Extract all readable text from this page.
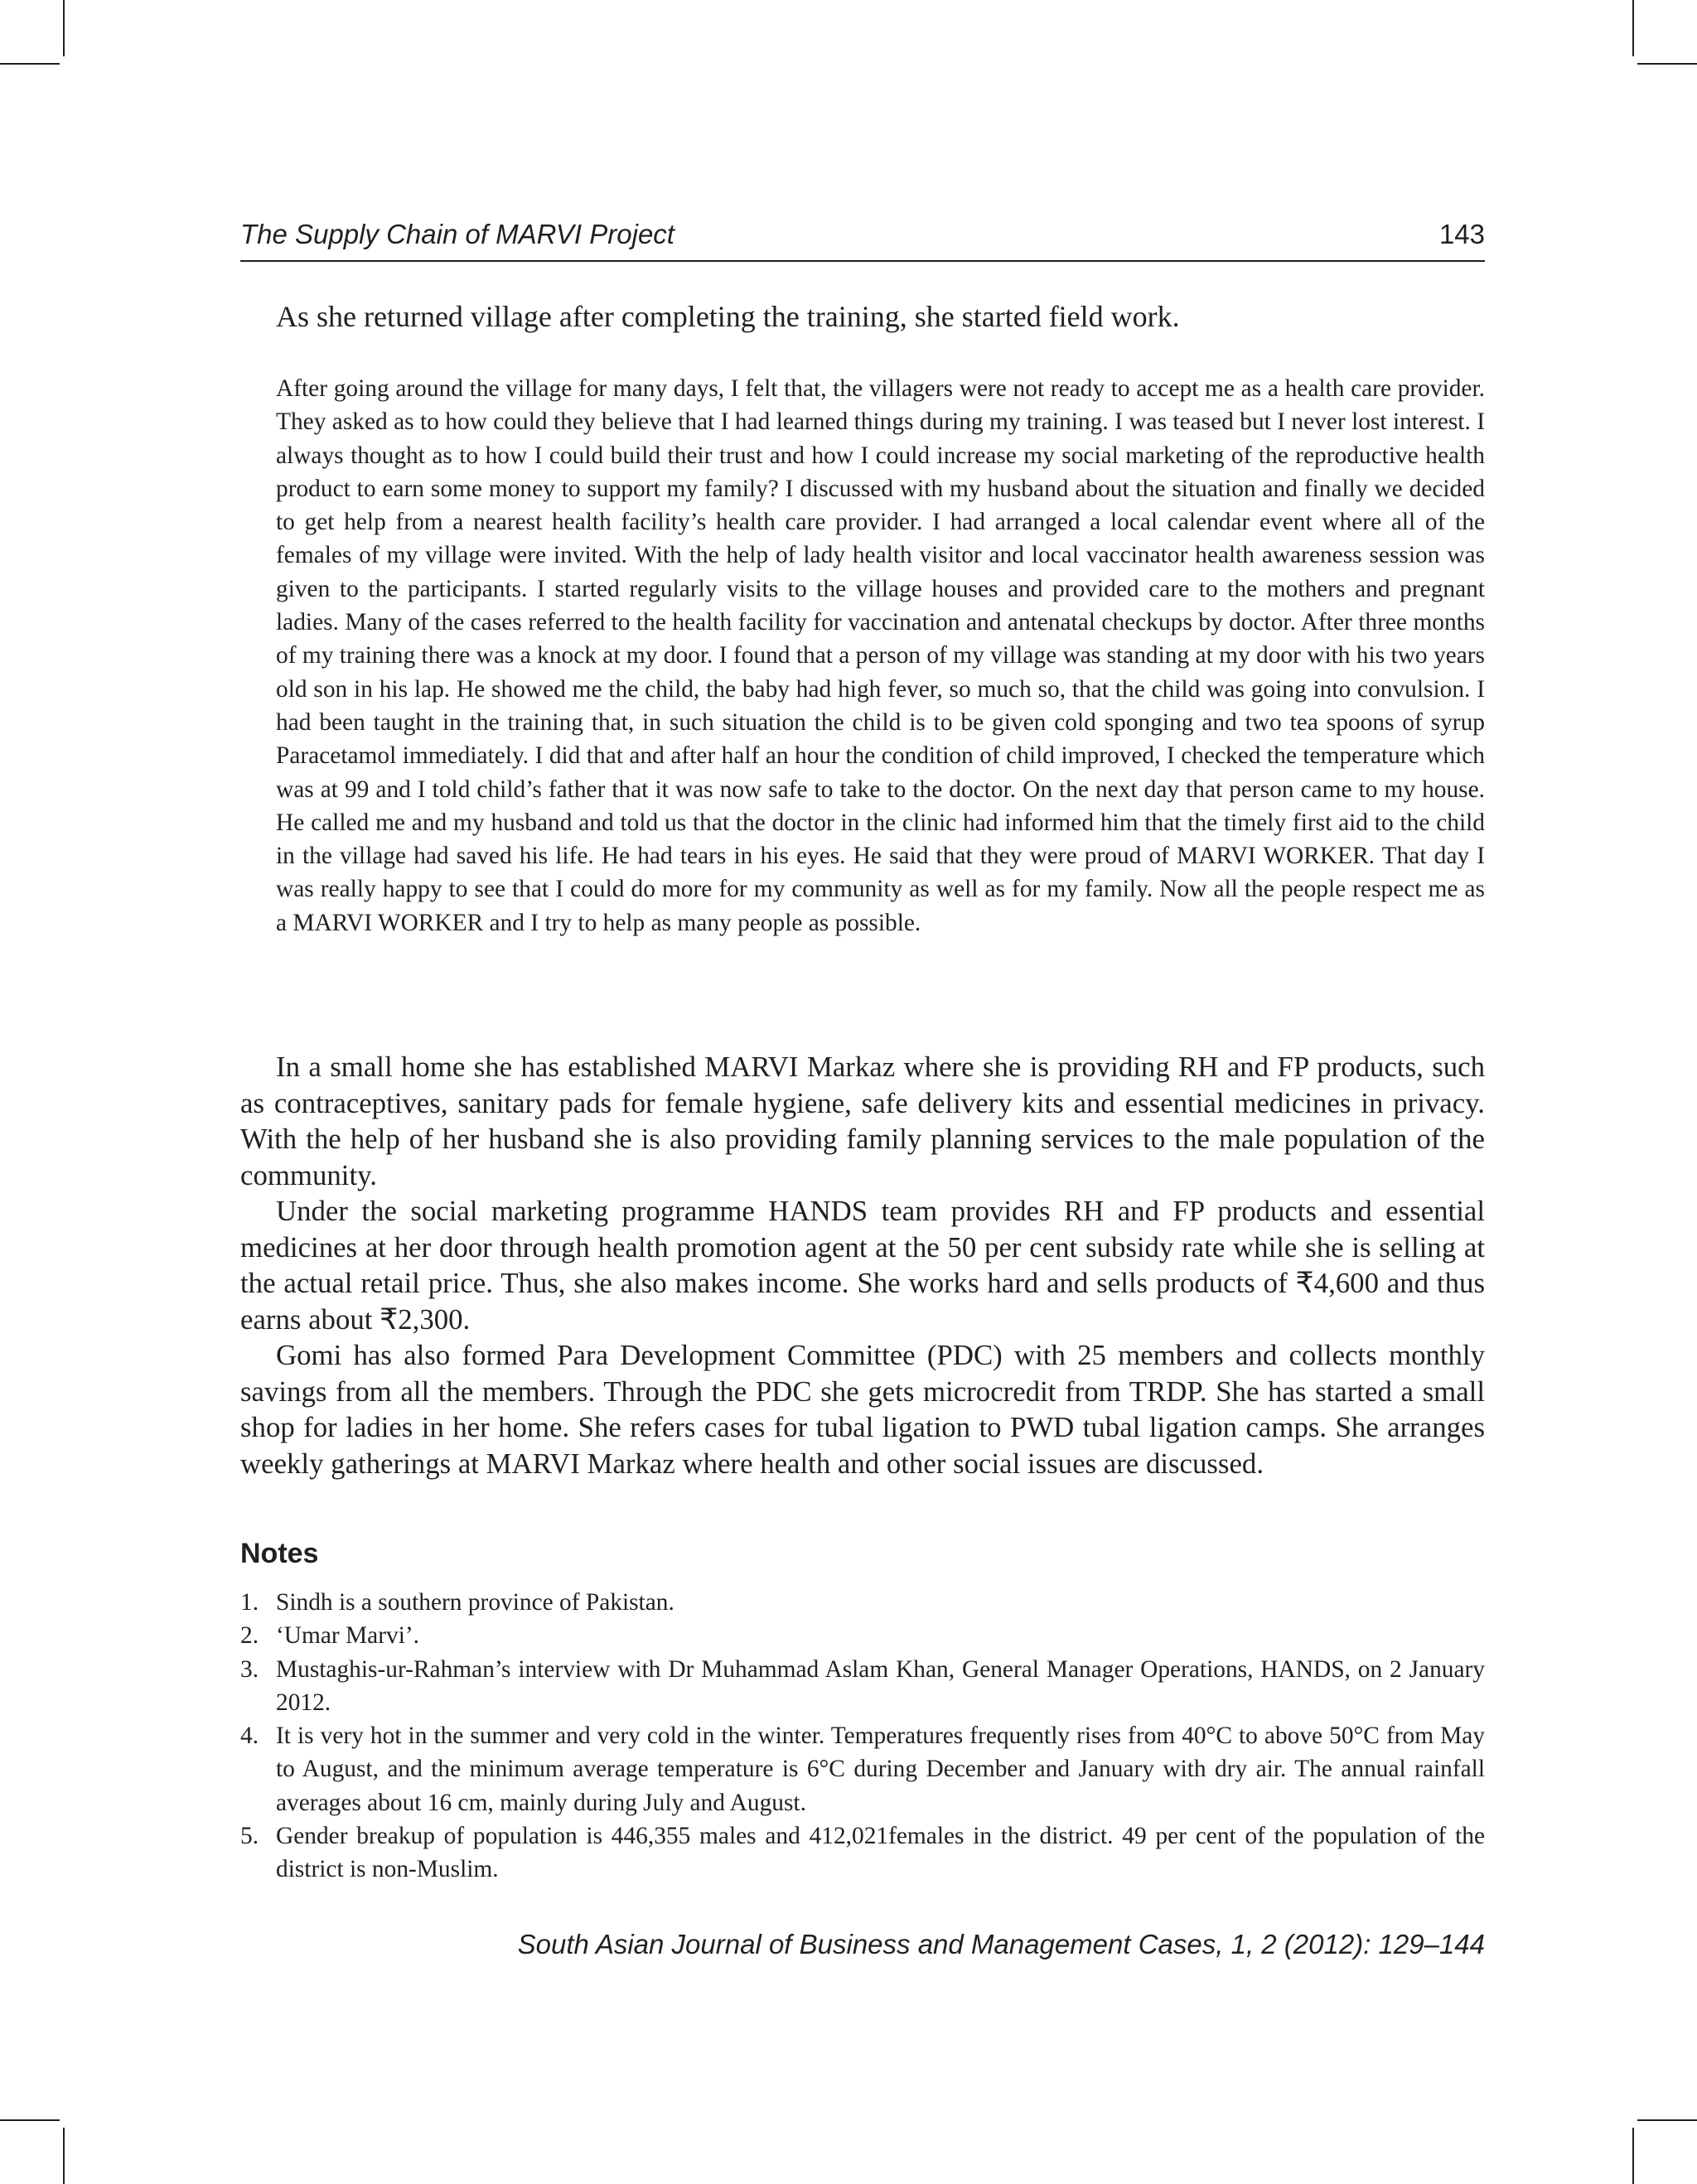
The Supply Chain of MARVI Project	143

As she returned village after completing the training, she started field work.

After going around the village for many days, I felt that, the villagers were not ready to accept me as a health care provider. They asked as to how could they believe that I had learned things during my training. I was teased but I never lost interest. I always thought as to how I could build their trust and how I could increase my social marketing of the reproductive health product to earn some money to support my family? I discussed with my husband about the situation and finally we decided to get help from a nearest health facility’s health care provider. I had arranged a local calendar event where all of the females of my village were invited. With the help of lady health visitor and local vaccinator health awareness session was given to the participants. I started regularly visits to the village houses and provided care to the mothers and pregnant ladies. Many of the cases referred to the health facility for vaccination and antenatal checkups by doctor. After three months of my training there was a knock at my door. I found that a person of my village was standing at my door with his two years old son in his lap. He showed me the child, the baby had high fever, so much so, that the child was going into convulsion. I had been taught in the training that, in such situation the child is to be given cold sponging and two tea spoons of syrup Paracetamol immediately. I did that and after half an hour the condition of child improved, I checked the temperature which was at 99 and I told child’s father that it was now safe to take to the doctor. On the next day that person came to my house. He called me and my husband and told us that the doctor in the clinic had informed him that the timely first aid to the child in the village had saved his life. He had tears in his eyes. He said that they were proud of MARVI WORKER. That day I was really happy to see that I could do more for my community as well as for my family. Now all the people respect me as a MARVI WORKER and I try to help as many people as possible.

In a small home she has established MARVI Markaz where she is providing RH and FP products, such as contraceptives, sanitary pads for female hygiene, safe delivery kits and essential medicines in privacy. With the help of her husband she is also providing family planning services to the male population of the community.

Under the social marketing programme HANDS team provides RH and FP products and essential medicines at her door through health promotion agent at the 50 per cent subsidy rate while she is selling at the actual retail price. Thus, she also makes income. She works hard and sells products of ₹4,600 and thus earns about ₹2,300.

Gomi has also formed Para Development Committee (PDC) with 25 members and collects monthly savings from all the members. Through the PDC she gets microcredit from TRDP. She has started a small shop for ladies in her home. She refers cases for tubal ligation to PWD tubal ligation camps. She arranges weekly gatherings at MARVI Markaz where health and other social issues are discussed.

Notes
1. Sindh is a southern province of Pakistan.
2. ‘Umar Marvi’.
3. Mustaghis-ur-Rahman’s interview with Dr Muhammad Aslam Khan, General Manager Operations, HANDS, on 2 January 2012.
4. It is very hot in the summer and very cold in the winter. Temperatures frequently rises from 40°C to above 50°C from May to August, and the minimum average temperature is 6°C during December and January with dry air. The annual rainfall averages about 16 cm, mainly during July and August.
5. Gender breakup of population is 446,355 males and 412,021females in the district. 49 per cent of the population of the district is non-Muslim.
South Asian Journal of Business and Management Cases, 1, 2 (2012): 129–144
